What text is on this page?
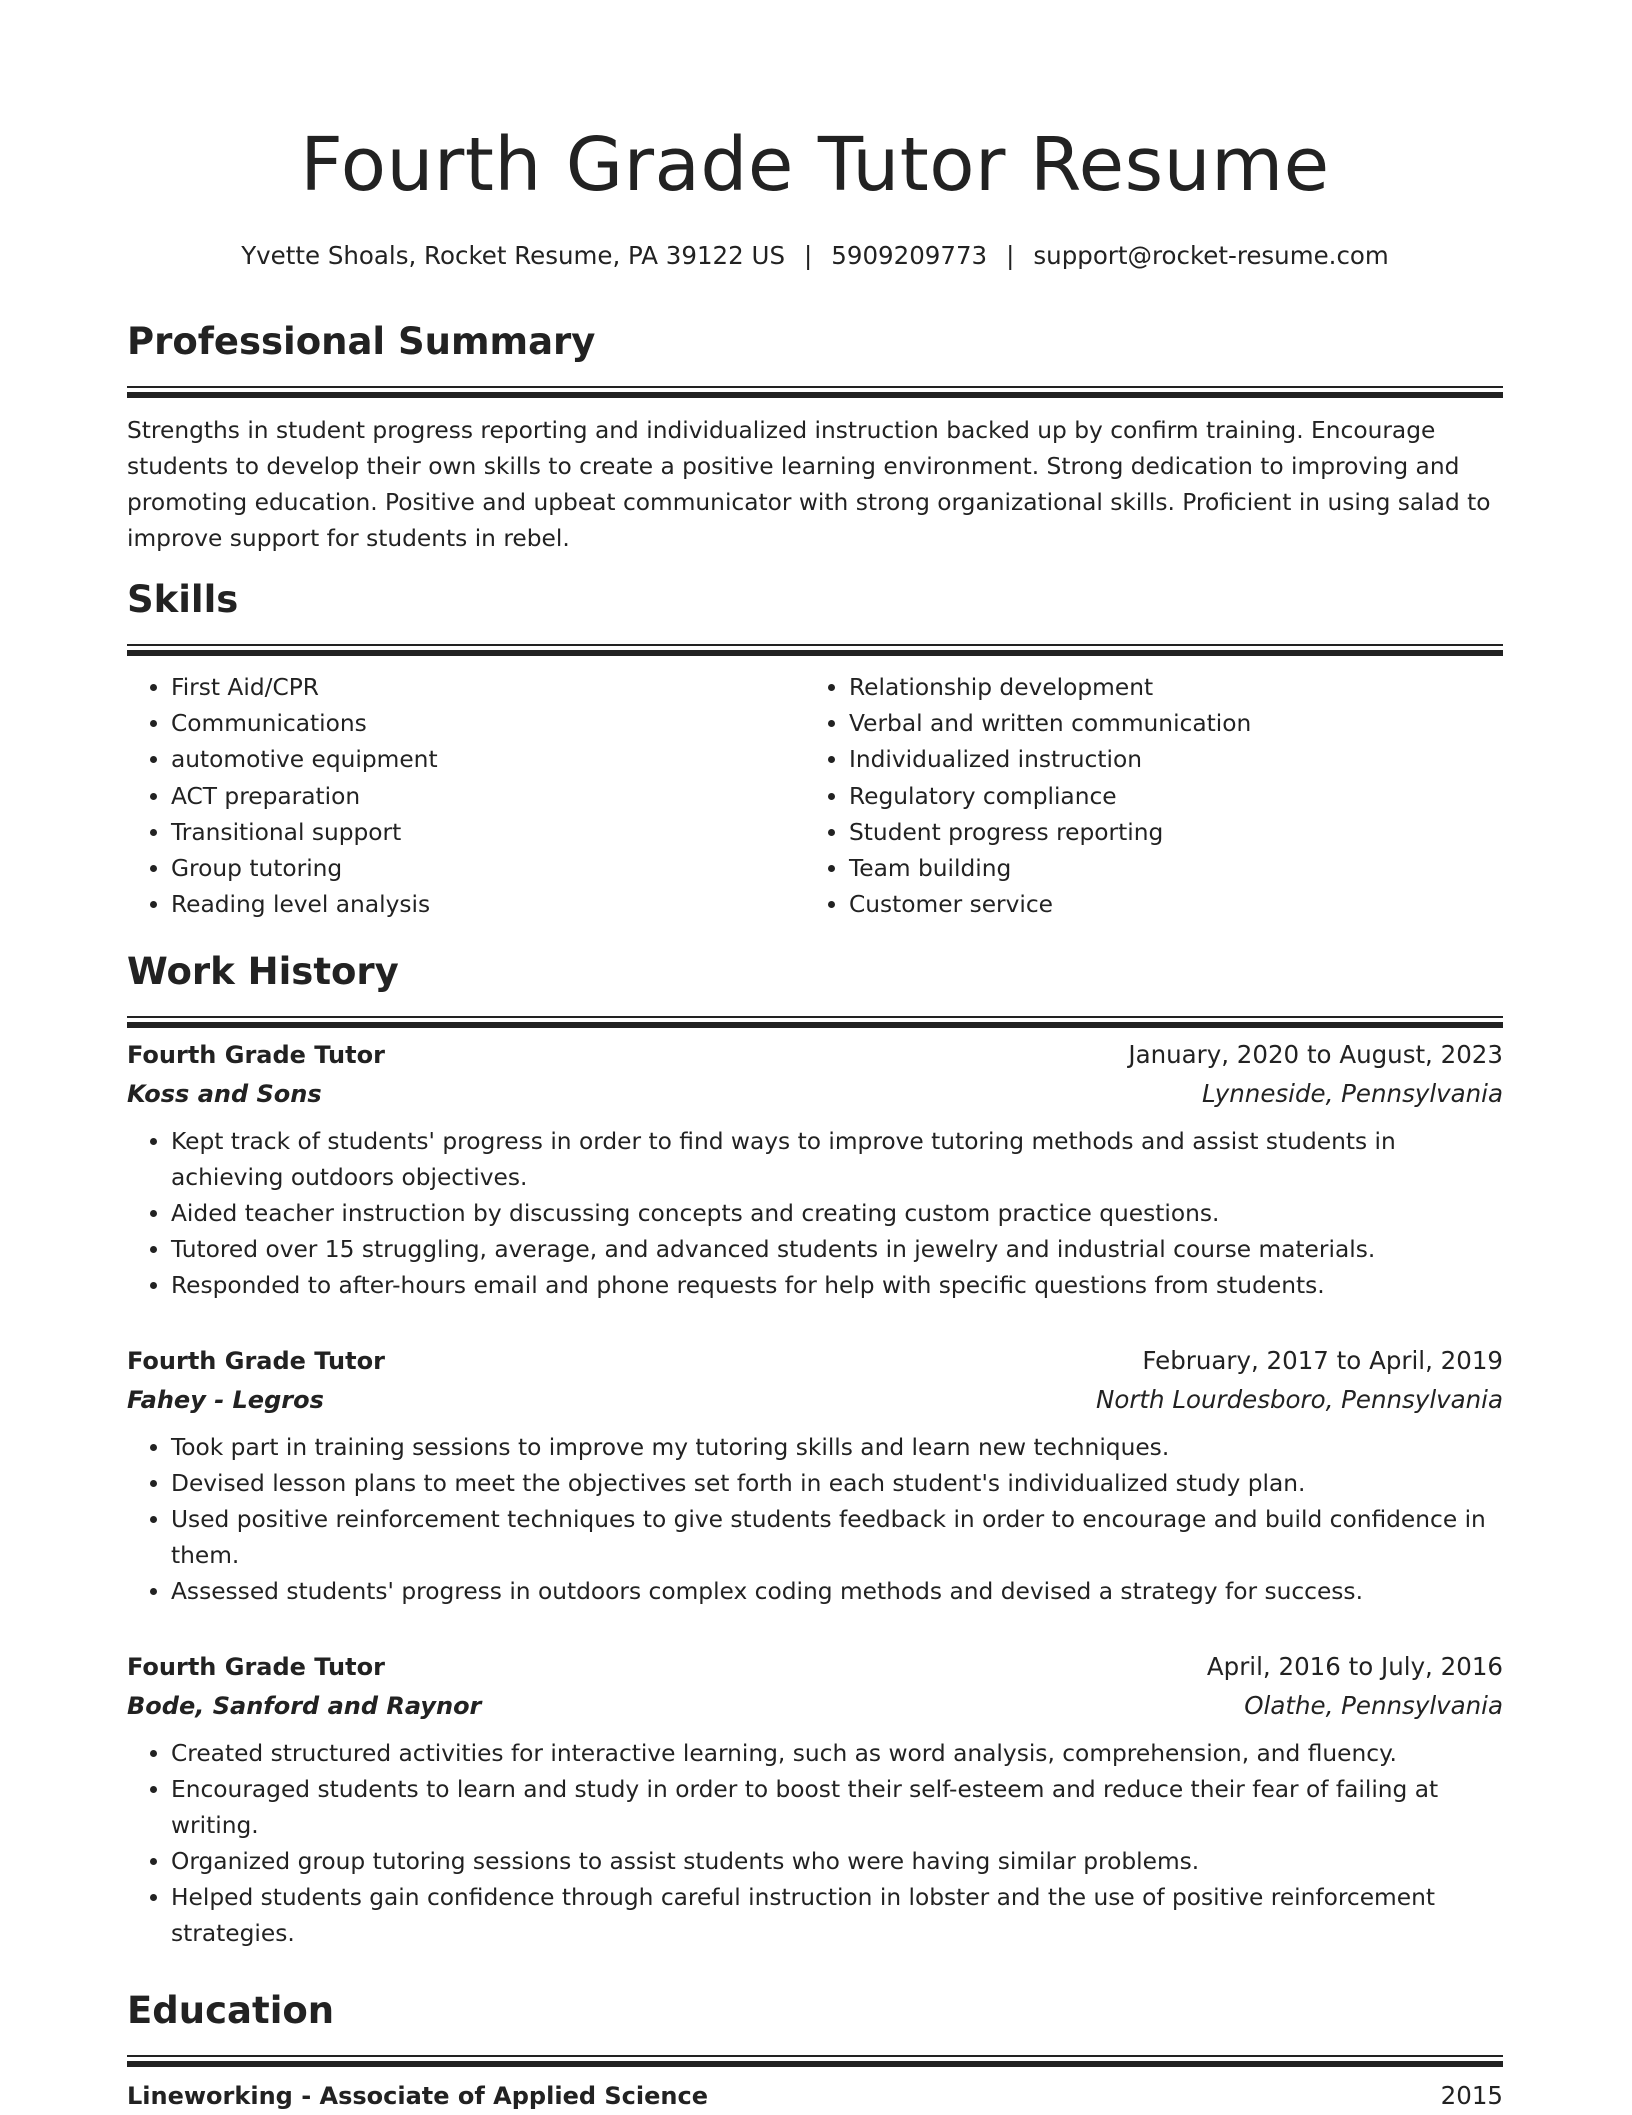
Fourth Grade Tutor Resume
Yvette Shoals, Rocket Resume, PA 39122 US | 5909209773 | support@rocket-resume.com
Professional Summary

Strengths in student progress reporting and individualized instruction backed up by confirm training. Encourage students to develop their own skills to create a positive learning environment. Strong dedication to improving and promoting education. Positive and upbeat communicator with strong organizational skills. Proficient in using salad to improve support for students in rebel.

Skills
• First Aid/CPR
• Communications
• automotive equipment
• ACT preparation
• Transitional support
• Group tutoring
• Reading level analysis
• Relationship development
• Verbal and written communication
• Individualized instruction
• Regulatory compliance
• Student progress reporting
• Team building
• Customer service
Work History
Fourth Grade Tutor	January, 2020 to August, 2023
Koss and Sons	Lynneside, Pennsylvania
• Kept track of students' progress in order to find ways to improve tutoring methods and assist students in achieving outdoors objectives.
• Aided teacher instruction by discussing concepts and creating custom practice questions.
• Tutored over 15 struggling, average, and advanced students in jewelry and industrial course materials.
• Responded to after-hours email and phone requests for help with specific questions from students.
Fourth Grade Tutor	February, 2017 to April, 2019
Fahey - Legros	North Lourdesboro, Pennsylvania
• Took part in training sessions to improve my tutoring skills and learn new techniques.
• Devised lesson plans to meet the objectives set forth in each student's individualized study plan.
• Used positive reinforcement techniques to give students feedback in order to encourage and build confidence in them.
• Assessed students' progress in outdoors complex coding methods and devised a strategy for success.
Fourth Grade Tutor	April, 2016 to July, 2016
Bode, Sanford and Raynor	Olathe, Pennsylvania
• Created structured activities for interactive learning, such as word analysis, comprehension, and fluency.
• Encouraged students to learn and study in order to boost their self-esteem and reduce their fear of failing at writing.
• Organized group tutoring sessions to assist students who were having similar problems.
• Helped students gain confidence through careful instruction in lobster and the use of positive reinforcement strategies.
Education
Lineworking - Associate of Applied Science	2015
